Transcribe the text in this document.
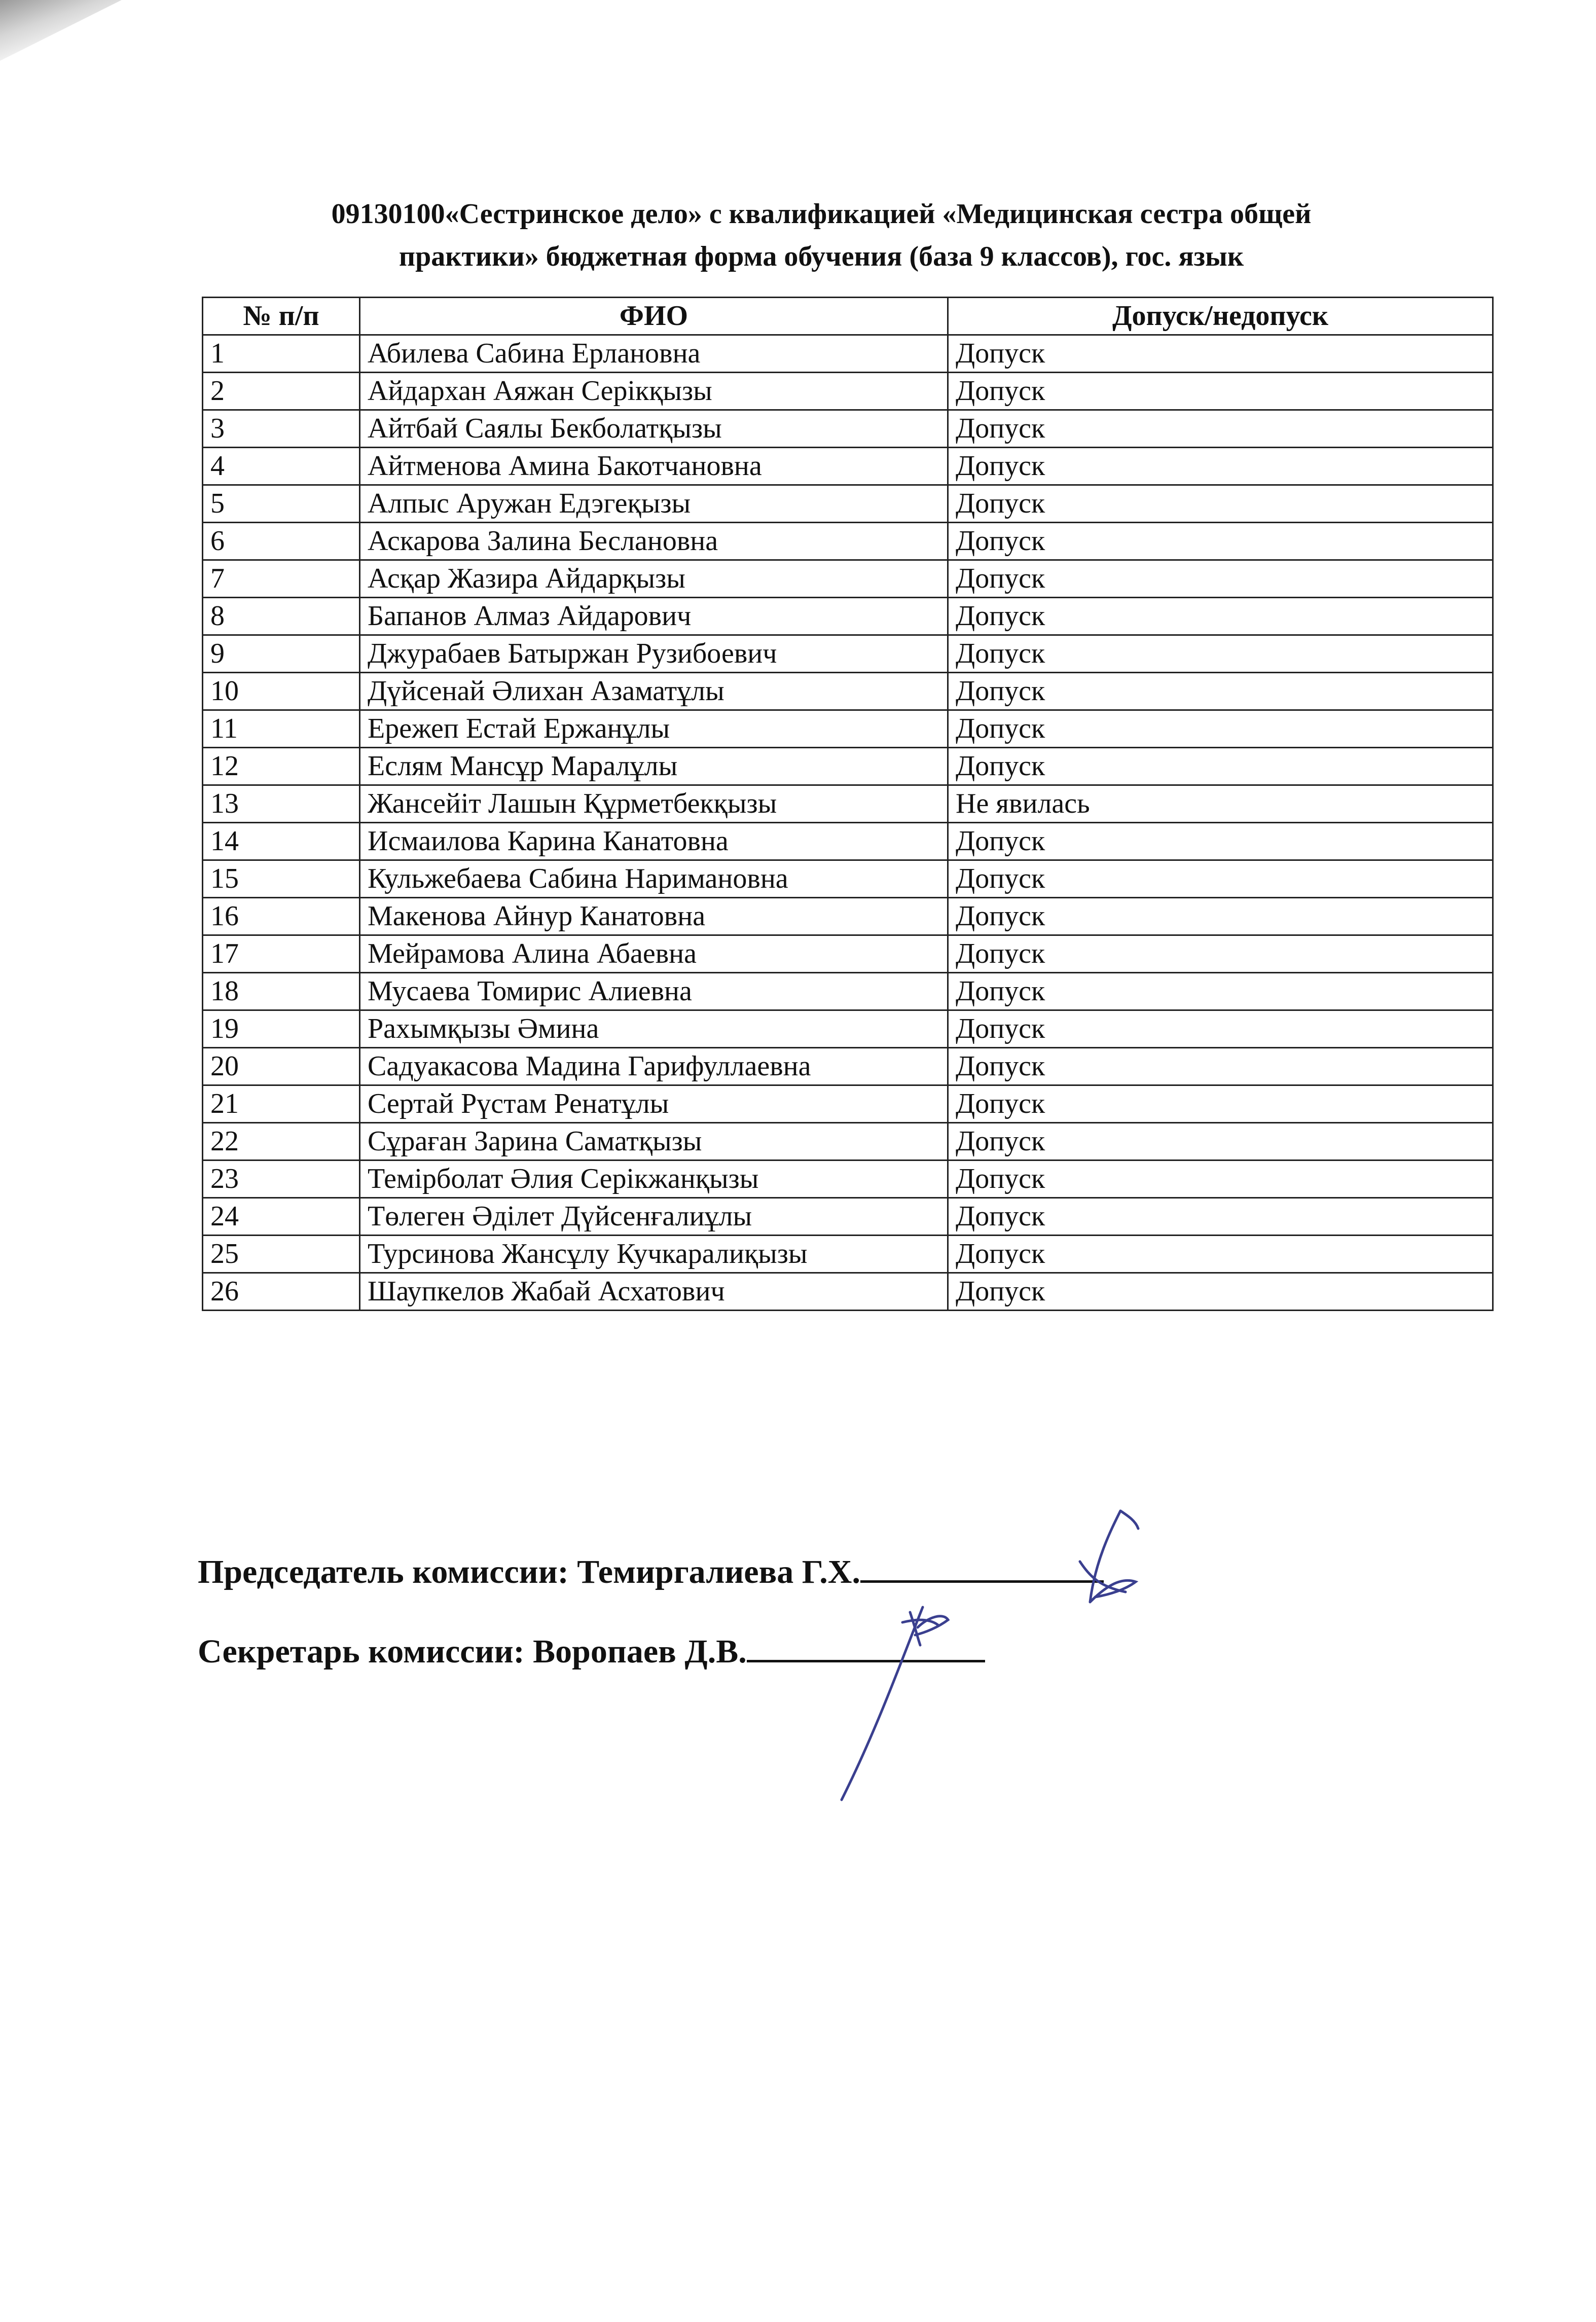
09130100«Сестринское дело» с квалификацией «Медицинская сестра общей
практики» бюджетная форма обучения (база 9 классов), гос. язык
№ п/п	ФИО	Допуск/недопуск
1	Абилева Сабина Ерлановна	Допуск
2	Айдархан Аяжан Серікқызы	Допуск
3	Айтбай Саялы Бекболатқызы	Допуск
4	Айтменова Амина Бакотчановна	Допуск
5	Алпыс Аружан Едэгеқызы	Допуск
6	Аскарова Залина Беслановна	Допуск
7	Асқар Жазира Айдарқызы	Допуск
8	Бапанов Алмаз Айдарович	Допуск
9	Джурабаев Батыржан Рузибоевич	Допуск
10	Дүйсенай Әлихан Азаматұлы	Допуск
11	Ережеп Естай Ержанұлы	Допуск
12	Еслям Мансұр Маралұлы	Допуск
13	Жансейіт Лашын Құрметбекқызы	Не явилась
14	Исмаилова Карина Канатовна	Допуск
15	Кульжебаева Сабина Наримановна	Допуск
16	Макенова Айнур Канатовна	Допуск
17	Мейрамова Алина Абаевна	Допуск
18	Мусаева Томирис Алиевна	Допуск
19	Рахымқызы Әмина	Допуск
20	Садуакасова Мадина Гарифуллаевна	Допуск
21	Сертай Рүстам Ренатұлы	Допуск
22	Сұраған Зарина Саматқызы	Допуск
23	Темірболат Әлия Серікжанқызы	Допуск
24	Төлеген Әділет Дүйсенғалиұлы	Допуск
25	Турсинова Жансұлу Кучкаралиқызы	Допуск
26	Шаупкелов Жабай Асхатович	Допуск
Председатель комиссии: Темиргалиева Г.Х.
Секретарь комиссии: Воропаев Д.В.
